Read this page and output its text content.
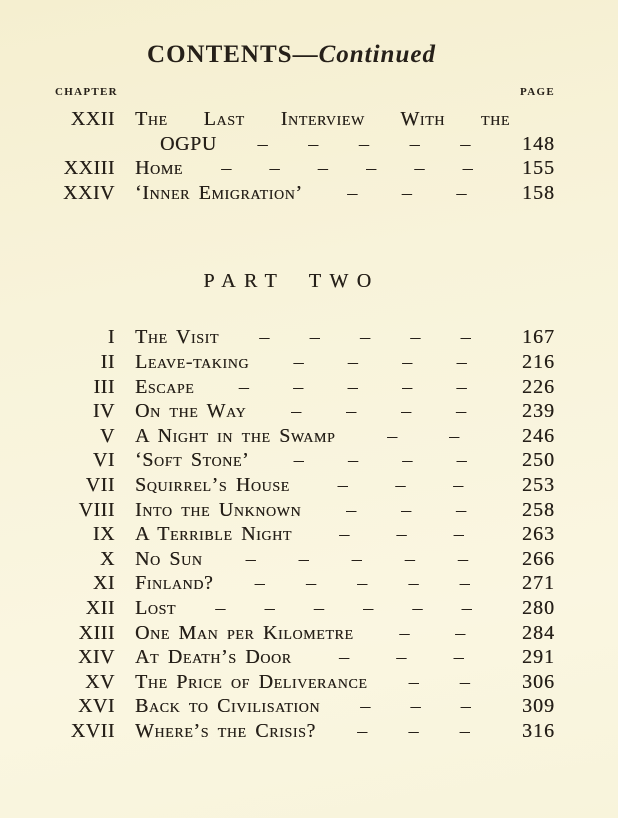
CONTENTS—Continued
CHAPTER	PAGE
XXII The Last Interview With the
OGPU – – – – –	148
XXIII Home – – – – – –	155
XXIV ‘Inner Emigration’ – – –	158
PART TWO
I The Visit – – – – –	167
II Leave-taking – – – –	216
III Escape – – – – –	226
IV On the Way – – – –	239
V A Night in the Swamp	–	–	246
VI ‘Soft Stone’ – – – –	250
VII Squirrel’s House – – –	253
VIII Into the Unknown – – –	258
IX A Terrible Night – – –	263
X No Sun – – – – –	266
XI Finland? – – – – –	271
XII Lost – – – – – –	280
XIII One Man per Kilometre – –	284
XIV At Death’s Door – – –	291
XV The Price of Deliverance – –	306
XVI Back to Civilisation – – –	309
XVII Where’s the Crisis? – – –	316
